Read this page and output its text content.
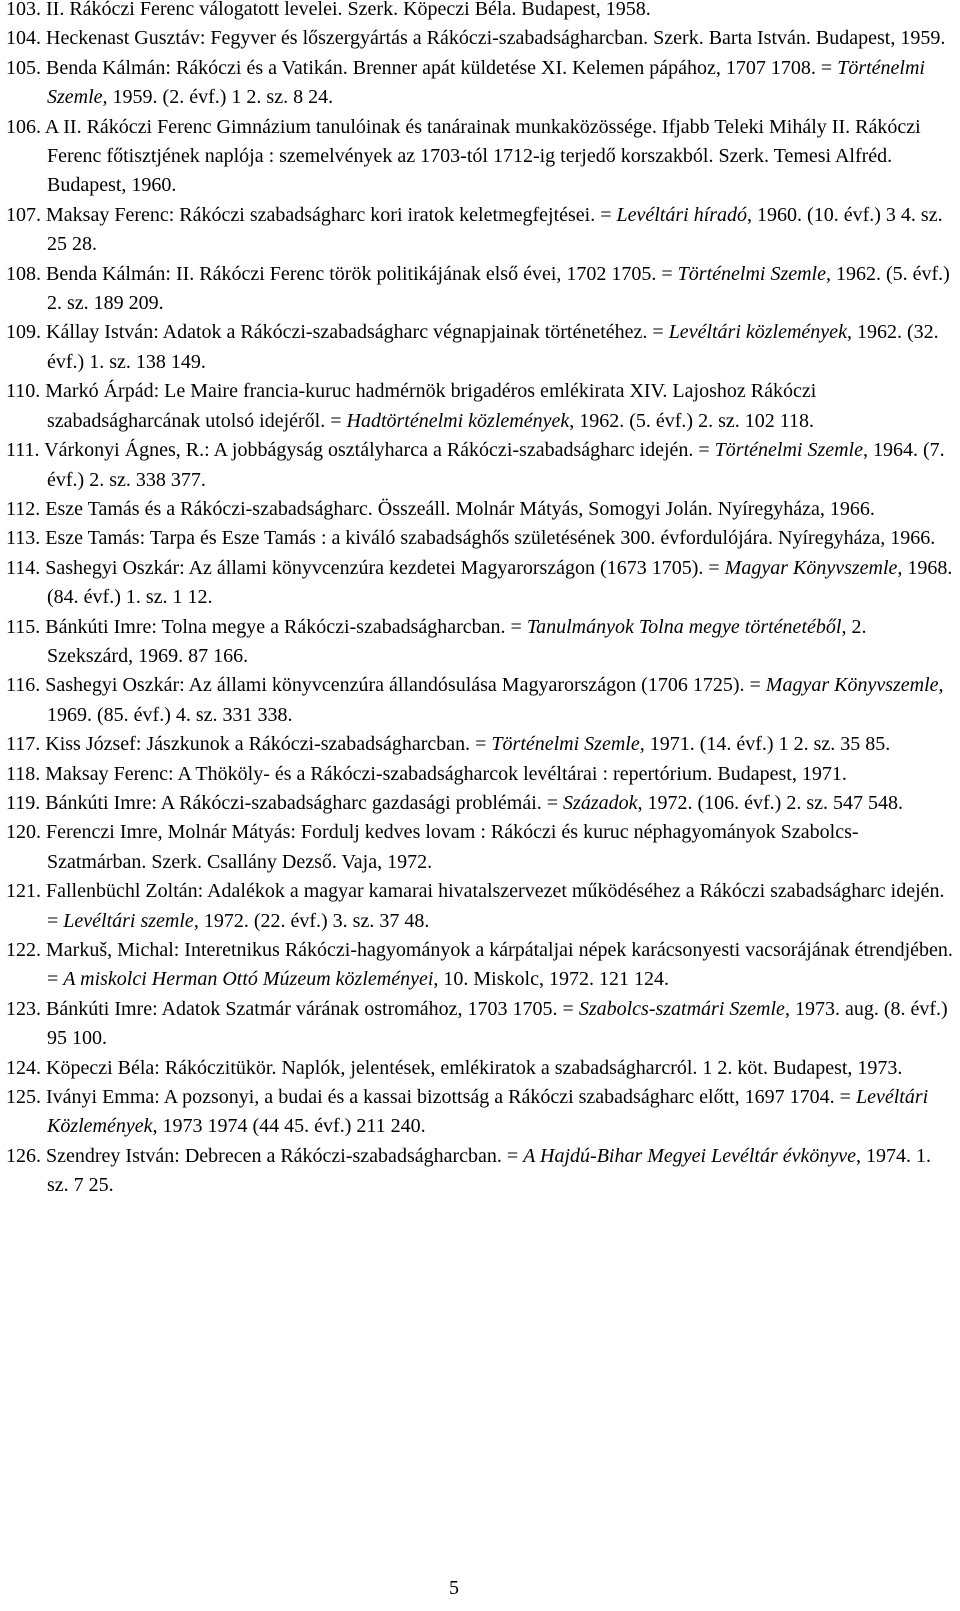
103. II. Rákóczi Ferenc válogatott levelei. Szerk. Köpeczi Béla. Budapest, 1958.
104. Heckenast Gusztáv: Fegyver és lőszergyártás a Rákóczi-szabadságharcban. Szerk. Barta István. Budapest, 1959.
105. Benda Kálmán: Rákóczi és a Vatikán. Brenner apát küldetése XI. Kelemen pápához, 1707 1708. = Történelmi Szemle, 1959. (2. évf.) 1 2. sz. 8 24.
106. A II. Rákóczi Ferenc Gimnázium tanulóinak és tanárainak munkaközössége. Ifjabb Teleki Mihály II. Rákóczi Ferenc főtisztjének naplója : szemelvények az 1703-tól 1712-ig terjedő korszakból. Szerk. Temesi Alfréd. Budapest, 1960.
107. Maksay Ferenc: Rákóczi szabadságharc kori iratok keletmegfejtései. = Levéltári híradó, 1960. (10. évf.) 3 4. sz. 25 28.
108. Benda Kálmán: II. Rákóczi Ferenc török politikájának első évei, 1702 1705. = Történelmi Szemle, 1962. (5. évf.) 2. sz. 189 209.
109. Kállay István: Adatok a Rákóczi-szabadságharc végnapjainak történetéhez. = Levéltári közlemények, 1962. (32. évf.) 1. sz. 138 149.
110. Markó Árpád: Le Maire francia-kuruc hadmérnök brigadéros emlékirata XIV. Lajoshoz Rákóczi szabadságharcának utolsó idejéről. = Hadtörténelmi közlemények, 1962. (5. évf.) 2. sz. 102 118.
111. Várkonyi Ágnes, R.: A jobbágyság osztályharca a Rákóczi-szabadságharc idején. = Történelmi Szemle, 1964. (7. évf.) 2. sz. 338 377.
112. Esze Tamás és a Rákóczi-szabadságharc. Összeáll. Molnár Mátyás, Somogyi Jolán. Nyíregyháza, 1966.
113. Esze Tamás: Tarpa és Esze Tamás : a kiváló szabadsághős születésének 300. évfordulójára. Nyíregyháza, 1966.
114. Sashegyi Oszkár: Az állami könyvcenzúra kezdetei Magyarországon (1673 1705). = Magyar Könyvszemle, 1968. (84. évf.) 1. sz. 1 12.
115. Bánkúti Imre: Tolna megye a Rákóczi-szabadságharcban. = Tanulmányok Tolna megye történetéből, 2. Szekszárd, 1969. 87 166.
116. Sashegyi Oszkár: Az állami könyvcenzúra állandósulása Magyarországon (1706 1725). = Magyar Könyvszemle, 1969. (85. évf.) 4. sz. 331 338.
117. Kiss József: Jászkunok a Rákóczi-szabadságharcban. = Történelmi Szemle, 1971. (14. évf.) 1 2. sz. 35 85.
118. Maksay Ferenc: A Thököly- és a Rákóczi-szabadságharcok levéltárai : repertórium. Budapest, 1971.
119. Bánkúti Imre: A Rákóczi-szabadságharc gazdasági problémái. = Századok, 1972. (106. évf.) 2. sz. 547 548.
120. Ferenczi Imre, Molnár Mátyás: Fordulj kedves lovam : Rákóczi és kuruc néphagyományok Szabolcs-Szatmárban. Szerk. Csallány Dezső. Vaja, 1972.
121. Fallenbüchl Zoltán: Adalékok a magyar kamarai hivatalszervezet működéséhez a Rákóczi szabadságharc idején. = Levéltári szemle, 1972. (22. évf.) 3. sz. 37 48.
122. Markuš, Michal: Interetnikus Rákóczi-hagyományok a kárpátaljai népek karácsonyesti vacsorájának étrendjében. = A miskolci Herman Ottó Múzeum közleményei, 10. Miskolc, 1972. 121 124.
123. Bánkúti Imre: Adatok Szatmár várának ostromához, 1703 1705. = Szabolcs-szatmári Szemle, 1973. aug. (8. évf.) 95 100.
124. Köpeczi Béla: Rákóczitükör. Naplók, jelentések, emlékiratok a szabadságharcról. 1 2. köt. Budapest, 1973.
125. Iványi Emma: A pozsonyi, a budai és a kassai bizottság a Rákóczi szabadságharc előtt, 1697 1704. = Levéltári Közlemények, 1973 1974 (44 45. évf.) 211 240.
126. Szendrey István: Debrecen a Rákóczi-szabadságharcban. = A Hajdú-Bihar Megyei Levéltár évkönyve, 1974. 1. sz. 7 25.
5
